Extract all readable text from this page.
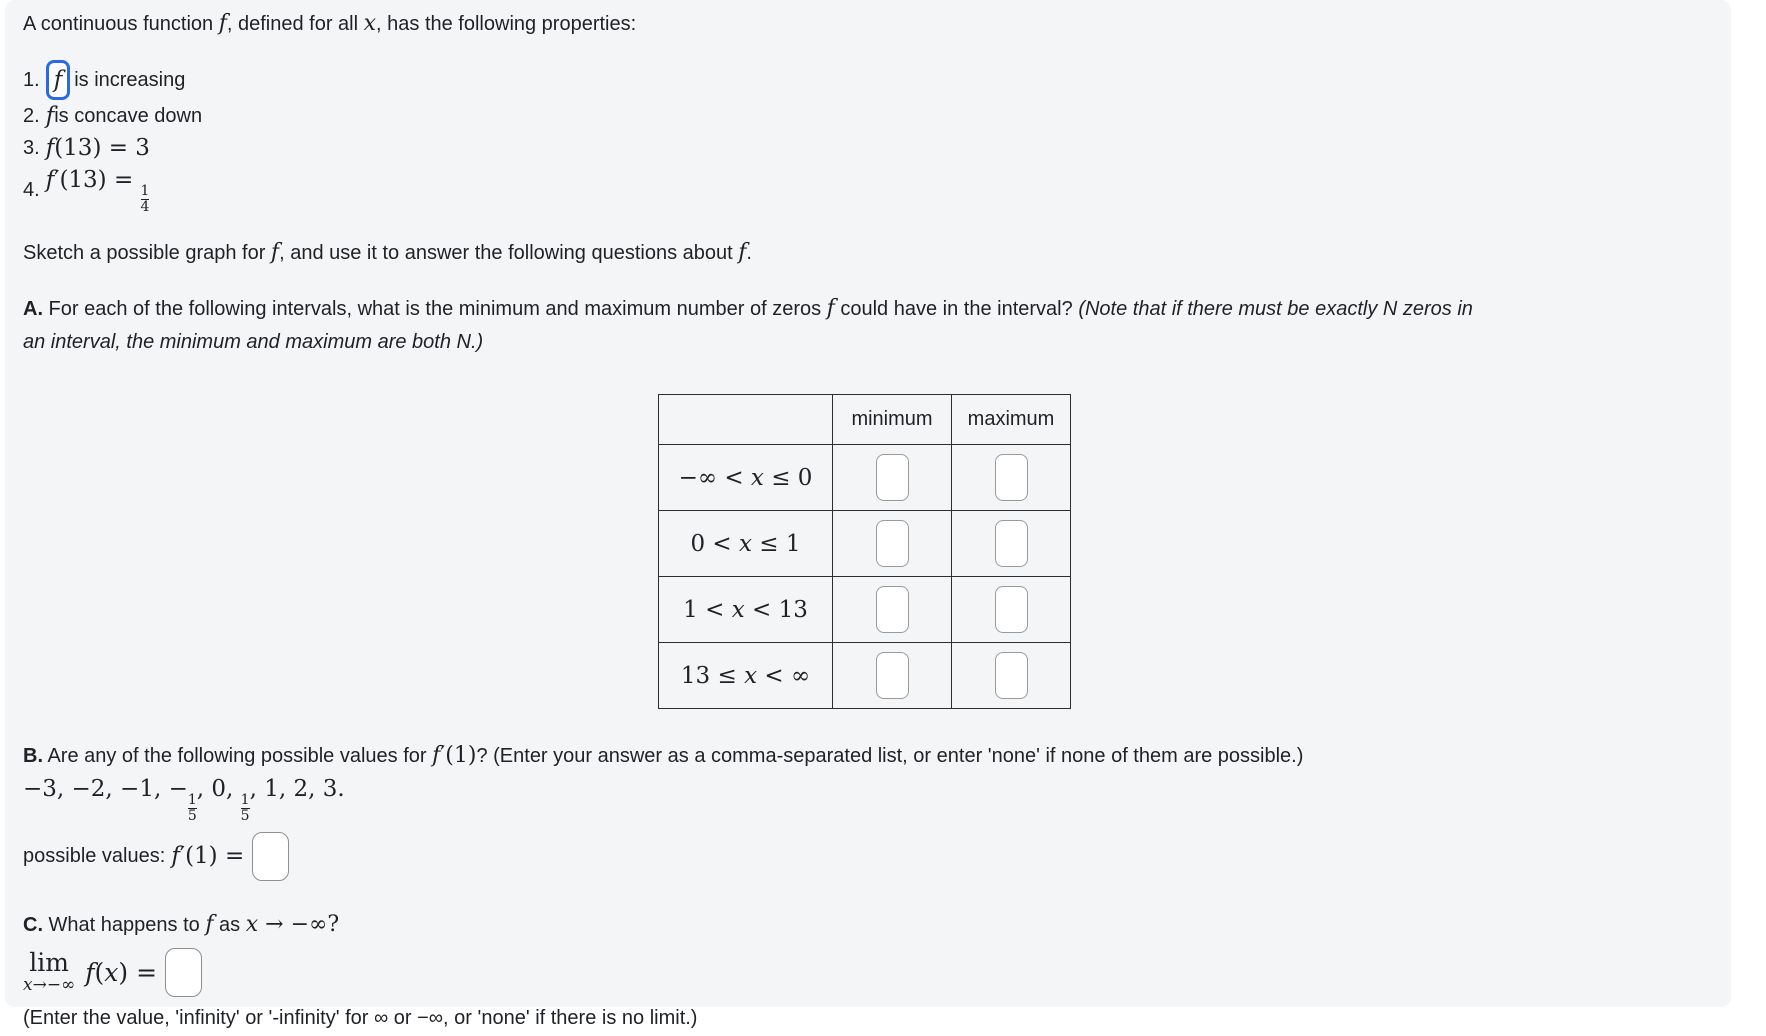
A continuous function f, defined for all x, has the following properties:
1. f is increasing
2. f is concave down
3. f(13) = 3
4. f′(13) =
$\frac{1}{4}$
Sketch a possible graph for f, and use it to answer the following questions about f.
A. For each of the following intervals, what is the minimum and maximum number of zeros f could have in the interval? (Note that if there must be exactly N zeros in an interval, the minimum and maximum are both N.)
	minimum	maximum
−∞ < x ≤ 0		
0 < x ≤ 1		
1 < x < 13		
13 ≤ x < ∞		
B. Are any of the following possible values for f′(1)? (Enter your answer as a comma-separated list, or enter 'none' if none of them are possible.)
−3, −2, −1, −
$\frac{1}{5}$
, 0,
$\frac{1}{5}$
, 1, 2, 3.
possible values: f′(1) =
C. What happens to f as x → −∞?
lim
x→−∞ f(x) =
(Enter the value, 'infinity' or '-infinity' for ∞ or −∞, or 'none' if there is no limit.)
